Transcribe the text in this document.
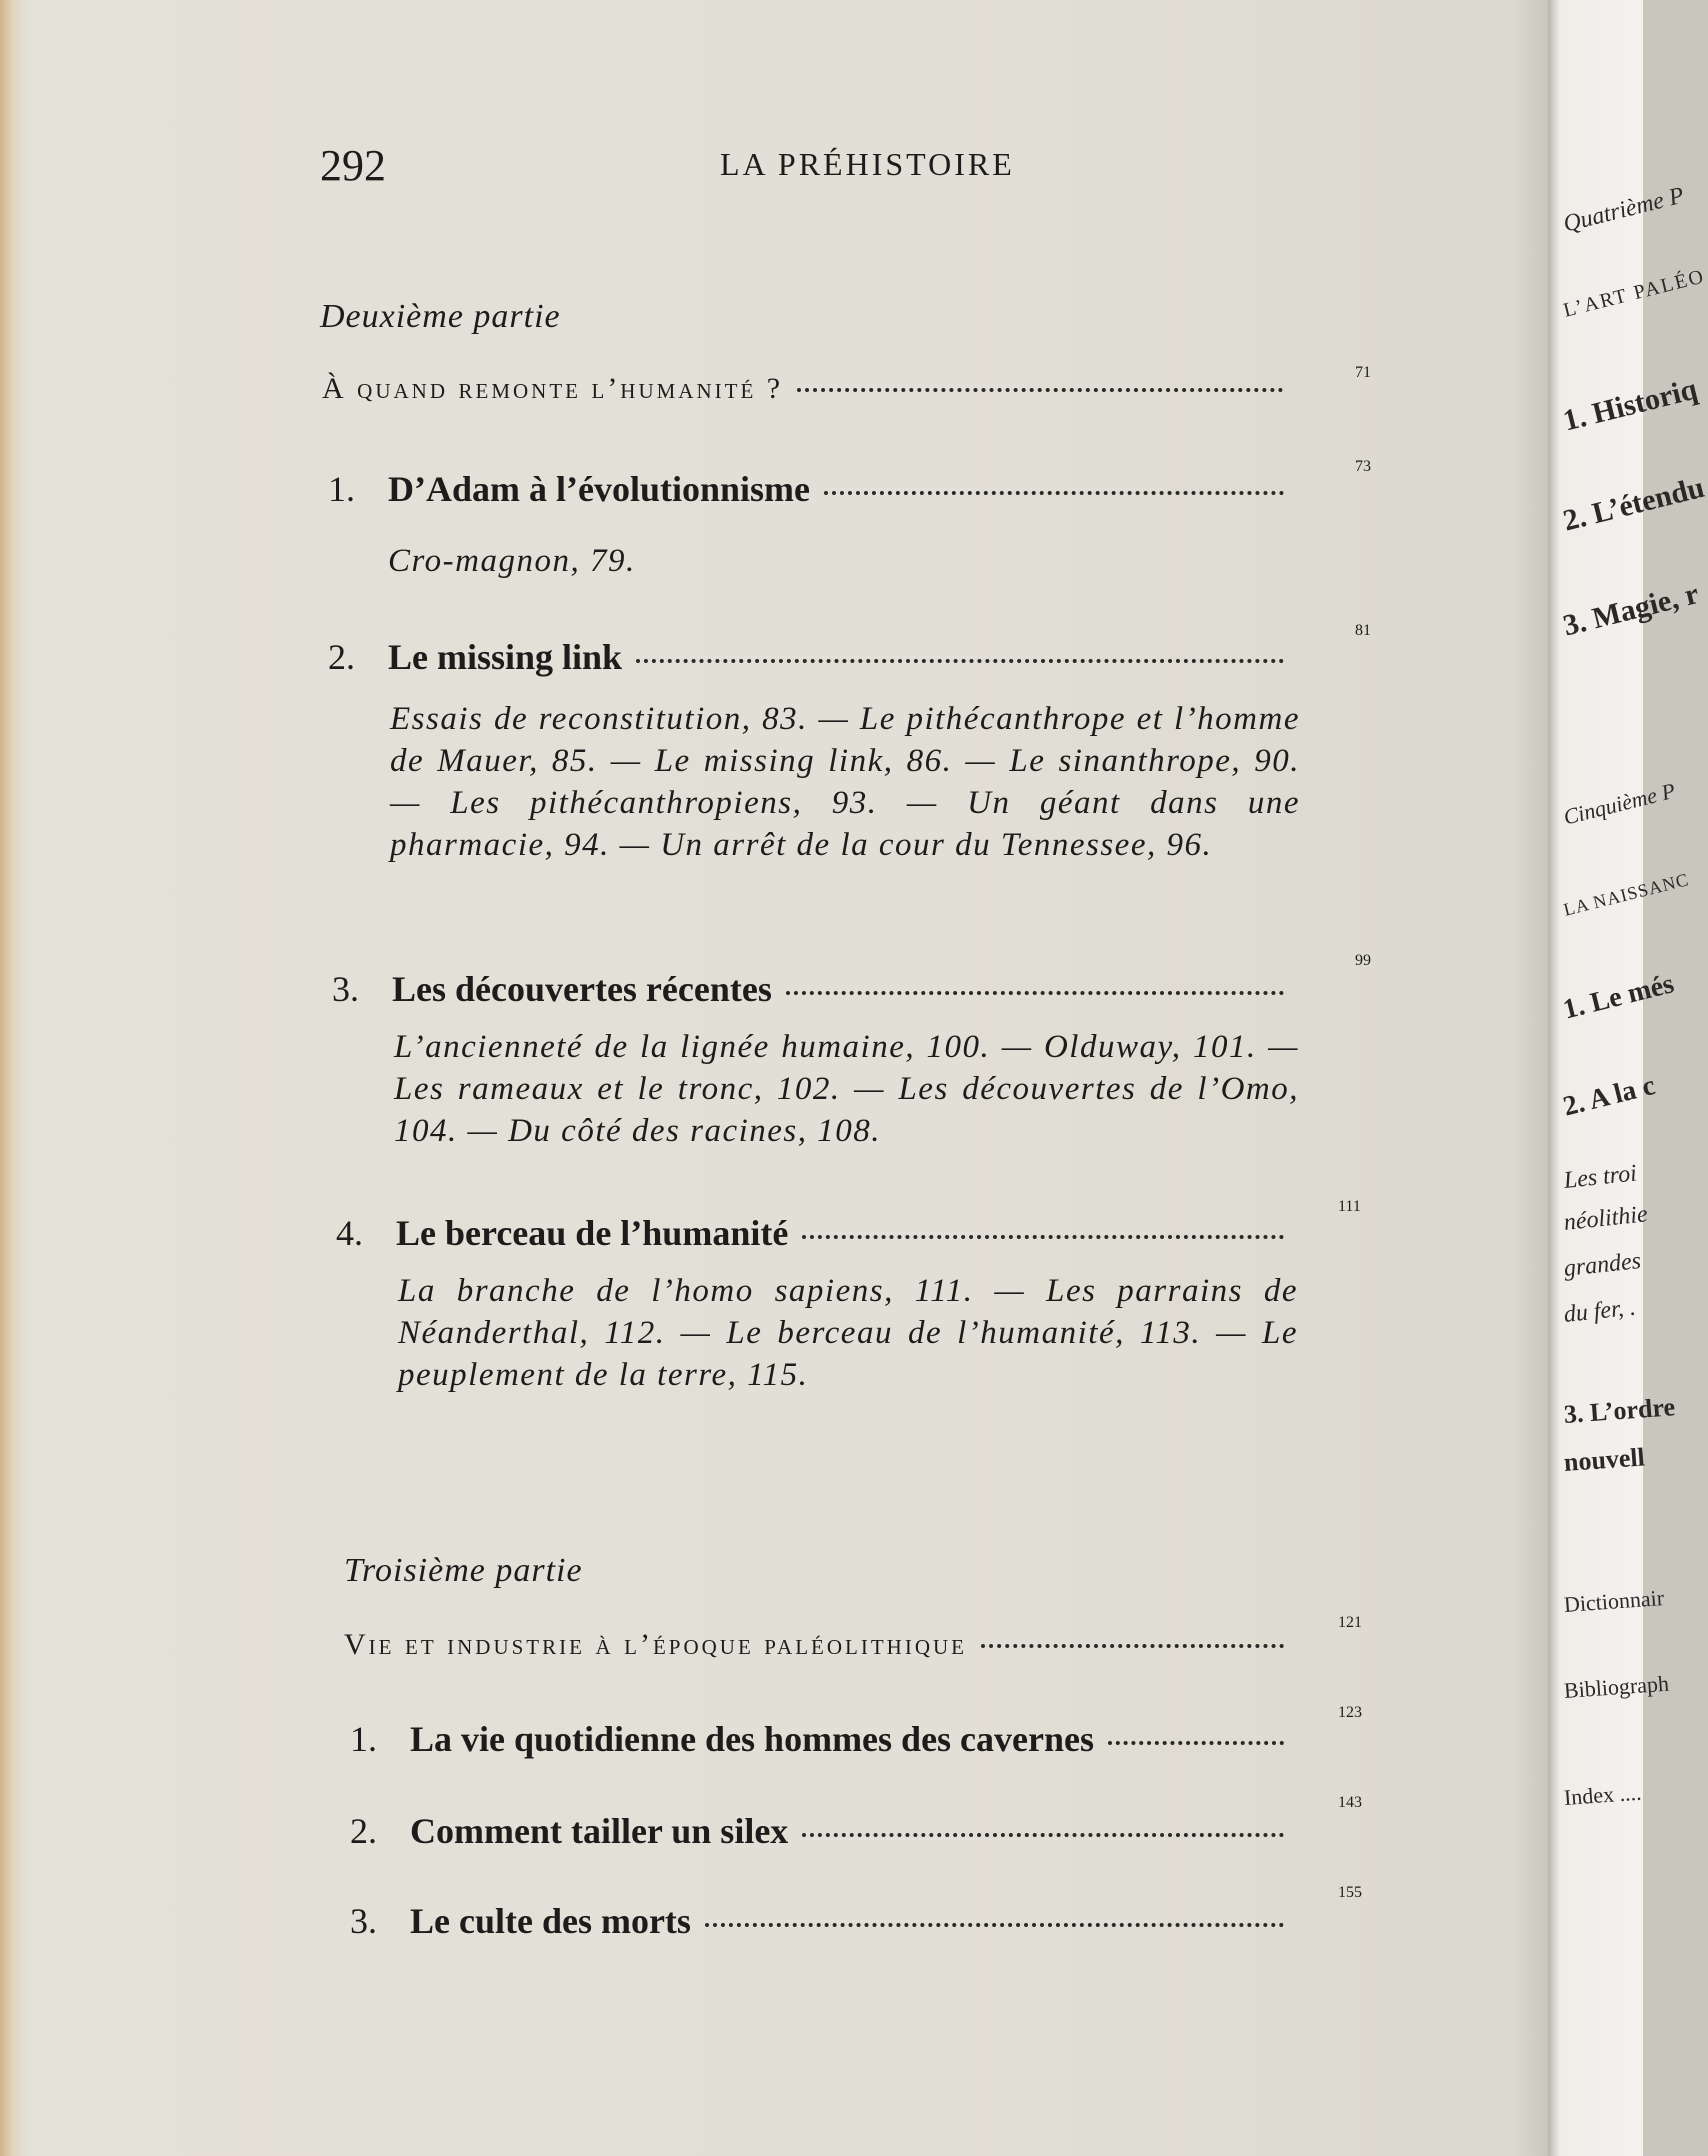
292	LA PRÉHISTOIRE
Deuxième partie
À quand remonte l’humanité ?	71
1. D’Adam à l’évolutionnisme
73
Cro-magnon, 79.
2. Le missing link
81
Essais de reconstitution, 83. — Le pithécanthrope et l’homme de Mauer, 85. — Le missing link, 86. — Le sinanthrope, 90. — Les pithécanthropiens, 93. — Un géant dans une pharmacie, 94. — Un arrêt de la cour du Tennessee, 96.
3. Les découvertes récentes
99
L’ancienneté de la lignée humaine, 100. — Olduway, 101. — Les rameaux et le tronc, 102. — Les découvertes de l’Omo, 104. — Du côté des racines, 108.
4. Le berceau de l’humanité
111
La branche de l’homo sapiens, 111. — Les parrains de Néanderthal, 112. — Le berceau de l’humanité, 113. — Le peuplement de la terre, 115.
Troisième partie
Vie et industrie à l’époque paléolithique
121
1. La vie quotidienne des hommes des cavernes
123
2. Comment tailler un silex
143
3. Le culte des morts
155
Quatrième P
L’ART PALÉO
1. Historiq
2. L’étendu
3. Magie, r
Cinquième P
LA NAISSANC
1. Le més
2. A la c
Les troi
néolithie
grandes
du fer, .
3. L’ordre
nouvell
Dictionnair
Bibliograph
Index ....
